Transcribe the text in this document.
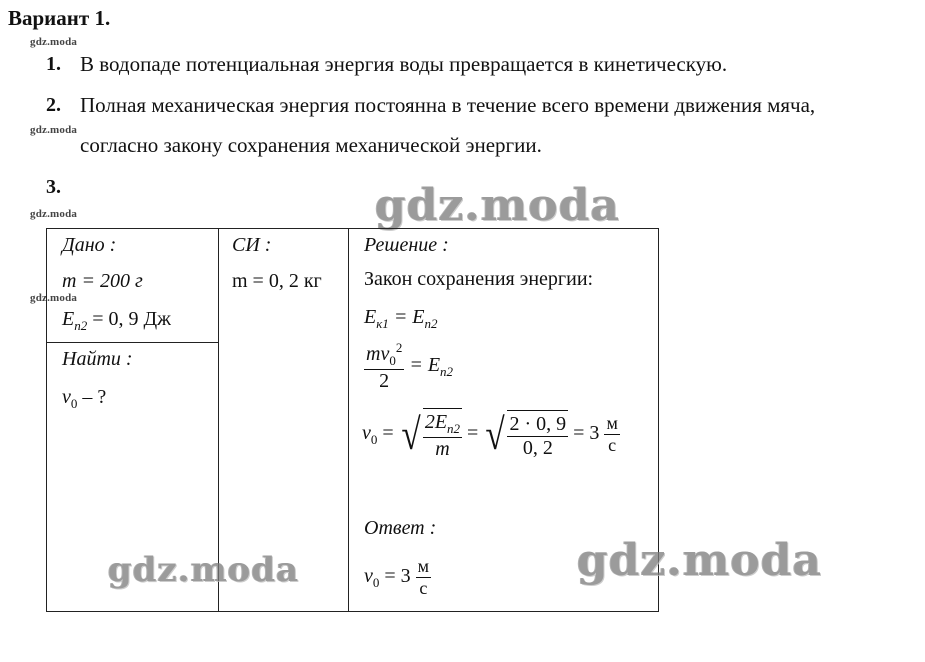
Вариант 1.
gdz.moda
gdz.moda
gdz.moda
gdz.moda
1. В водопаде потенциальная энергия воды превращается в кинетическую.
2. Полная механическая энергия постоянна в течение всего времени движения мяча,
согласно закону сохранения механической энергии.
3.	gdz.moda
Дано :
m = 200 г
$E_{п2} = 0$, 9 Дж
Найти :
$v_0$ – ?
СИ :
m = 0, 2 кг
Решение :
Закон сохранения энергии:
$E_{к1} = E_{п2}$
$\frac{mv_0^2}{2} = E_{п2}$
$v_0$ = √ $\frac{2E_{п2}}{m}$ = √ $\frac{2 \cdot 0, 9}{0, 2} = 3 \frac{м}{с}$
Ответ :
$v_0 = 3 \frac{м}{с}$
gdz.moda	gdz.moda
